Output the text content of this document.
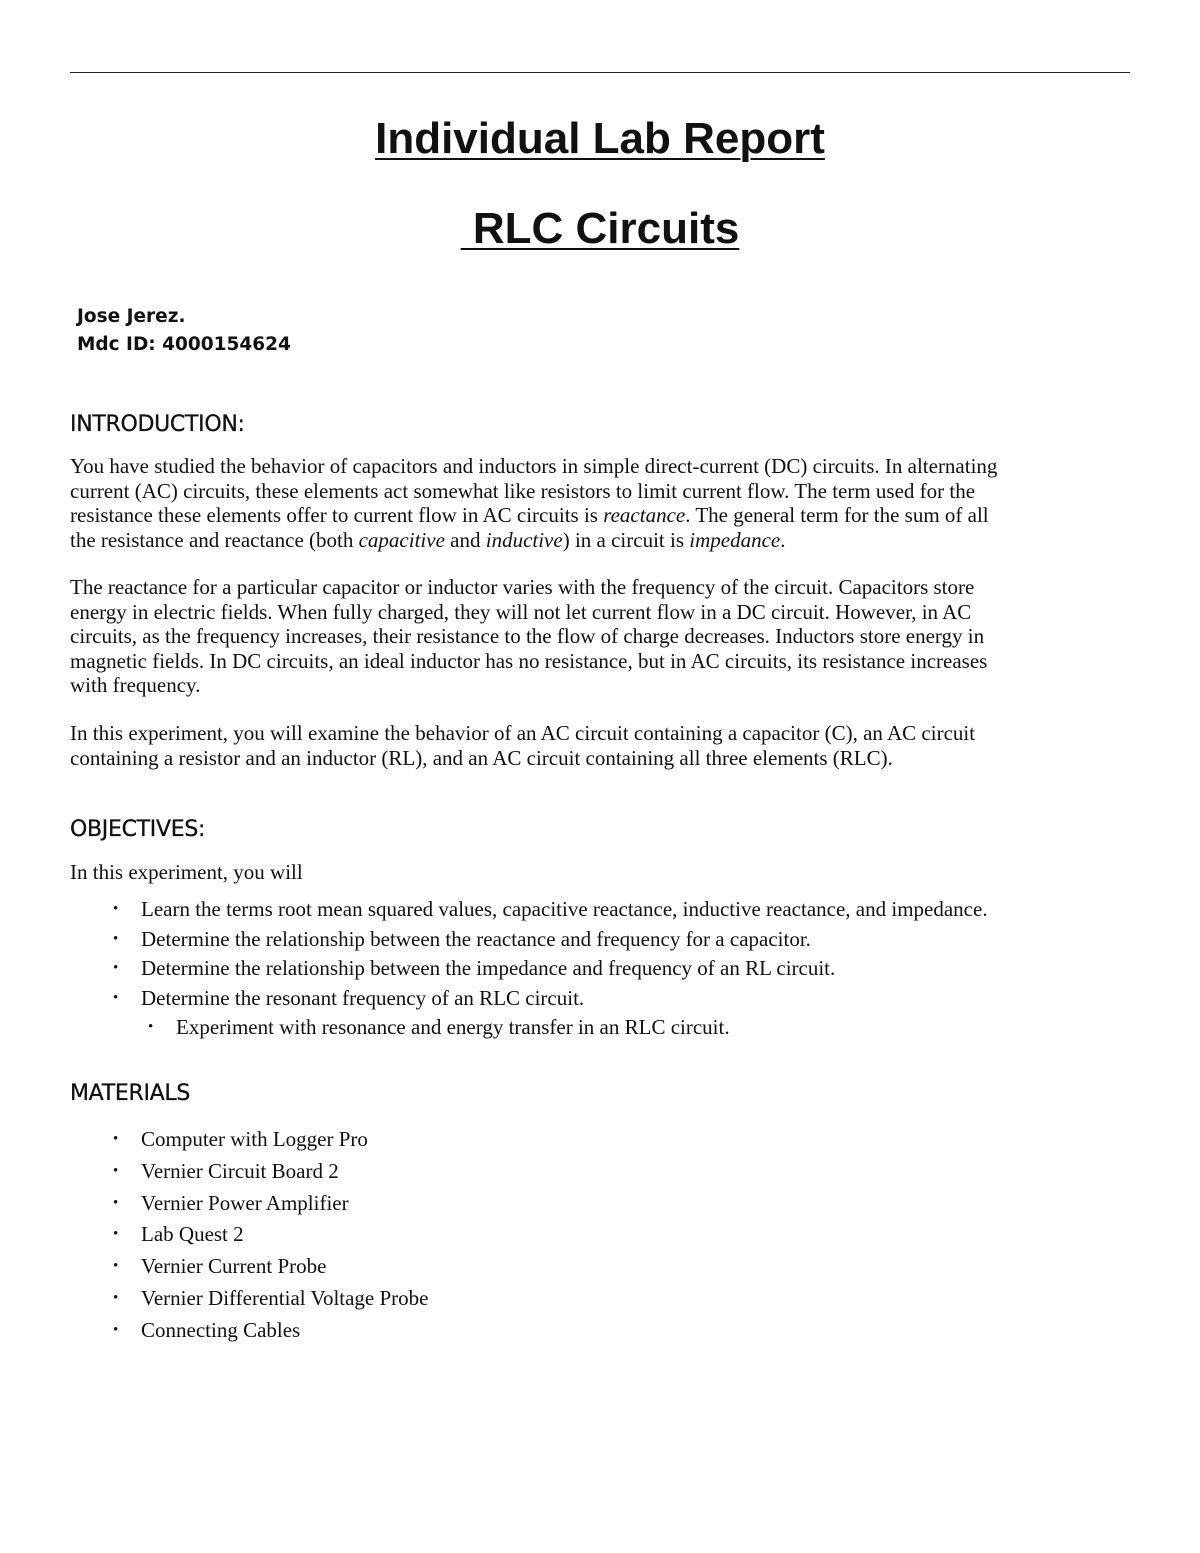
Individual Lab Report
RLC Circuits
Jose Jerez.
Mdc ID: 4000154624
INTRODUCTION:

You have studied the behavior of capacitors and inductors in simple direct-current (DC) circuits. In alternating
current (AC) circuits, these elements act somewhat like resistors to limit current flow. The term used for the
resistance these elements offer to current flow in AC circuits is reactance. The general term for the sum of all
the resistance and reactance (both capacitive and inductive) in a circuit is impedance.

The reactance for a particular capacitor or inductor varies with the frequency of the circuit. Capacitors store
energy in electric fields. When fully charged, they will not let current flow in a DC circuit. However, in AC
circuits, as the frequency increases, their resistance to the flow of charge decreases. Inductors store energy in
magnetic fields. In DC circuits, an ideal inductor has no resistance, but in AC circuits, its resistance increases
with frequency.

In this experiment, you will examine the behavior of an AC circuit containing a capacitor (C), an AC circuit
containing a resistor and an inductor (RL), and an AC circuit containing all three elements (RLC).

OBJECTIVES:

In this experiment, you will

• Learn the terms root mean squared values, capacitive reactance, inductive reactance, and impedance.
• Determine the relationship between the reactance and frequency for a capacitor.
• Determine the relationship between the impedance and frequency of an RL circuit.
• Determine the resonant frequency of an RLC circuit.
• Experiment with resonance and energy transfer in an RLC circuit.
MATERIALS
• Computer with Logger Pro
• Vernier Circuit Board 2
• Vernier Power Amplifier
• Lab Quest 2
• Vernier Current Probe
• Vernier Differential Voltage Probe
• Connecting Cables
